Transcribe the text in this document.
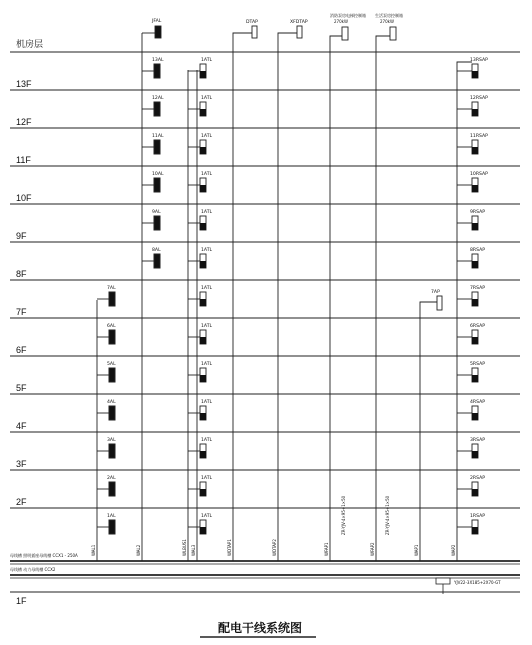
机房层
13F
12F
11F
10F
9F
8F
7F
6F
5F
4F
3F
2F
1F
母线槽 照明插座母线槽 CCX1 - 250A
母线槽 动力母线槽 CCX2
YJV22-3X185+2X70-GT
WAL1	WAL2	WLBUS1 WAL3	WDTAP1	WDTAP2	WFAP1	WFAP2	WAP1	WAP2
ZR-YJV-4×95+1×50	ZR-YJV-4×95+1×50
JFAL	DTAP	XFDTAP
消防泵房电梯控制箱
270kW
生活泵房控制箱
270kW
13AL	1ATL	13RSAP
12AL	1ATL	12RSAP
11AL	1ATL	11RSAP
10AL	1ATL	10RSAP
9AL	1ATL	9RSAP
8AL	1ATL	8RSAP
7AL	1ATL	7RSAP
6AL	1ATL	6RSAP
5AL	1ATL	5RSAP
4AL	1ATL	4RSAP
3AL	1ATL	3RSAP
2AL	1ATL	2RSAP
1AL	1ATL	1RSAP
7AP
配电干线系统图
